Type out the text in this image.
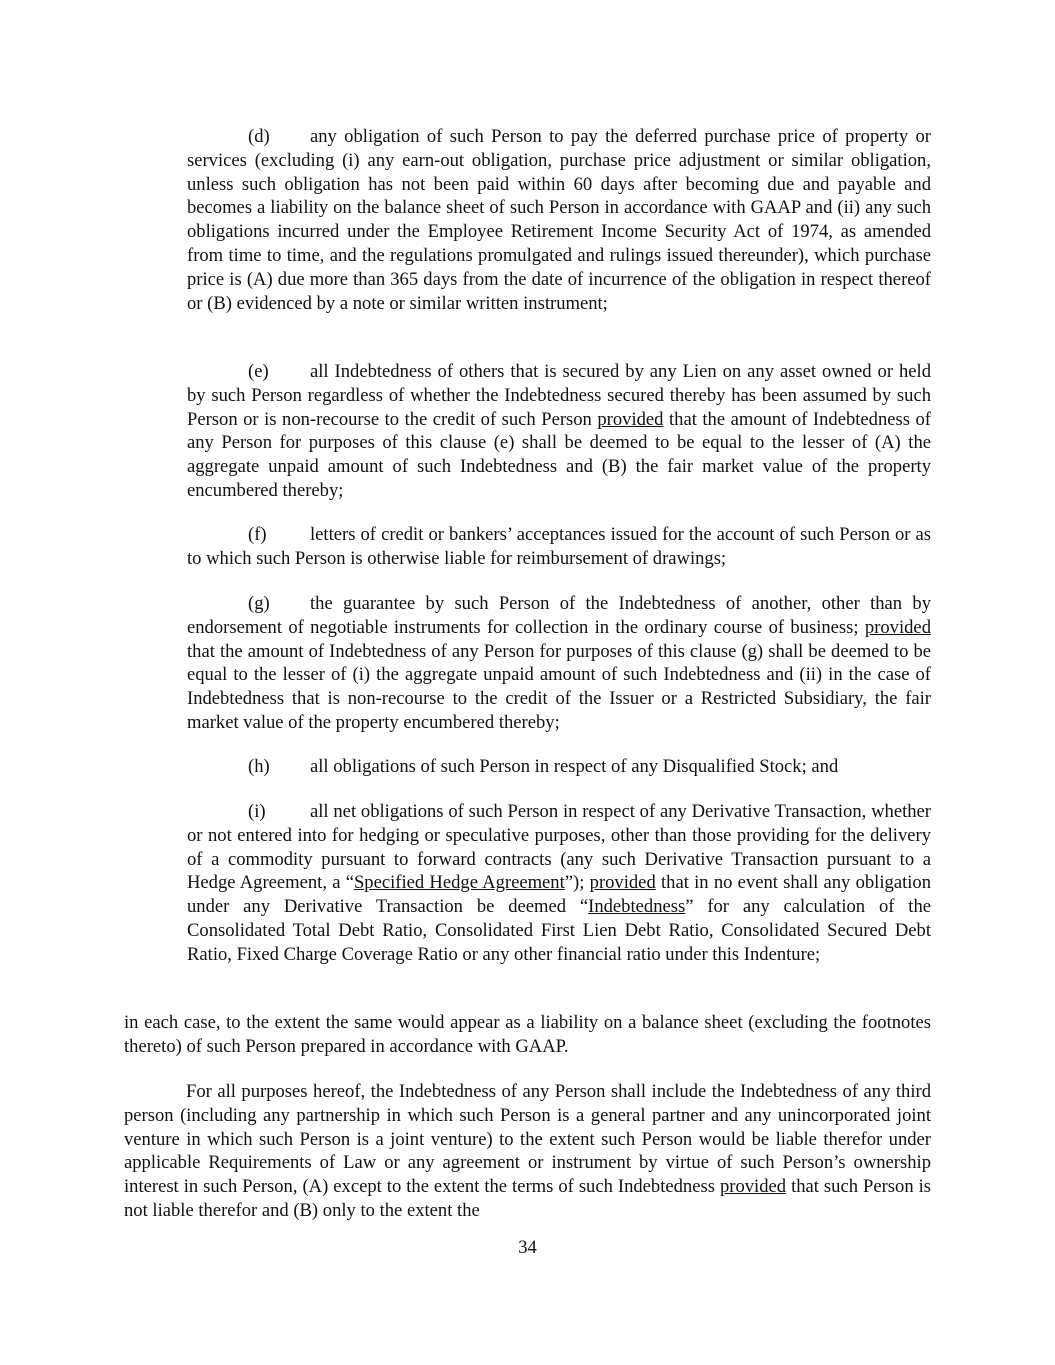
(d) any obligation of such Person to pay the deferred purchase price of property or services (excluding (i) any earn-out obligation, purchase price adjustment or similar obligation, unless such obligation has not been paid within 60 days after becoming due and payable and becomes a liability on the balance sheet of such Person in accordance with GAAP and (ii) any such obligations incurred under the Employee Retirement Income Security Act of 1974, as amended from time to time, and the regulations promulgated and rulings issued thereunder), which purchase price is (A) due more than 365 days from the date of incurrence of the obligation in respect thereof or (B) evidenced by a note or similar written instrument;

(e) all Indebtedness of others that is secured by any Lien on any asset owned or held by such Person regardless of whether the Indebtedness secured thereby has been assumed by such Person or is non-recourse to the credit of such Person provided that the amount of Indebtedness of any Person for purposes of this clause (e) shall be deemed to be equal to the lesser of (A) the aggregate unpaid amount of such Indebtedness and (B) the fair market value of the property encumbered thereby;

(f) letters of credit or bankers’ acceptances issued for the account of such Person or as to which such Person is otherwise liable for reimbursement of drawings;

(g) the guarantee by such Person of the Indebtedness of another, other than by endorsement of negotiable instruments for collection in the ordinary course of business; provided that the amount of Indebtedness of any Person for purposes of this clause (g) shall be deemed to be equal to the lesser of (i) the aggregate unpaid amount of such Indebtedness and (ii) in the case of Indebtedness that is non-recourse to the credit of the Issuer or a Restricted Subsidiary, the fair market value of the property encumbered thereby;

(h) all obligations of such Person in respect of any Disqualified Stock; and

(i) all net obligations of such Person in respect of any Derivative Transaction, whether or not entered into for hedging or speculative purposes, other than those providing for the delivery of a commodity pursuant to forward contracts (any such Derivative Transaction pursuant to a Hedge Agreement, a “Specified Hedge Agreement”); provided that in no event shall any obligation under any Derivative Transaction be deemed “Indebtedness” for any calculation of the Consolidated Total Debt Ratio, Consolidated First Lien Debt Ratio, Consolidated Secured Debt Ratio, Fixed Charge Coverage Ratio or any other financial ratio under this Indenture;

in each case, to the extent the same would appear as a liability on a balance sheet (excluding the footnotes thereto) of such Person prepared in accordance with GAAP.

For all purposes hereof, the Indebtedness of any Person shall include the Indebtedness of any third person (including any partnership in which such Person is a general partner and any unincorporated joint venture in which such Person is a joint venture) to the extent such Person would be liable therefor under applicable Requirements of Law or any agreement or instrument by virtue of such Person’s ownership interest in such Person, (A) except to the extent the terms of such Indebtedness provided that such Person is not liable therefor and (B) only to the extent the

34
